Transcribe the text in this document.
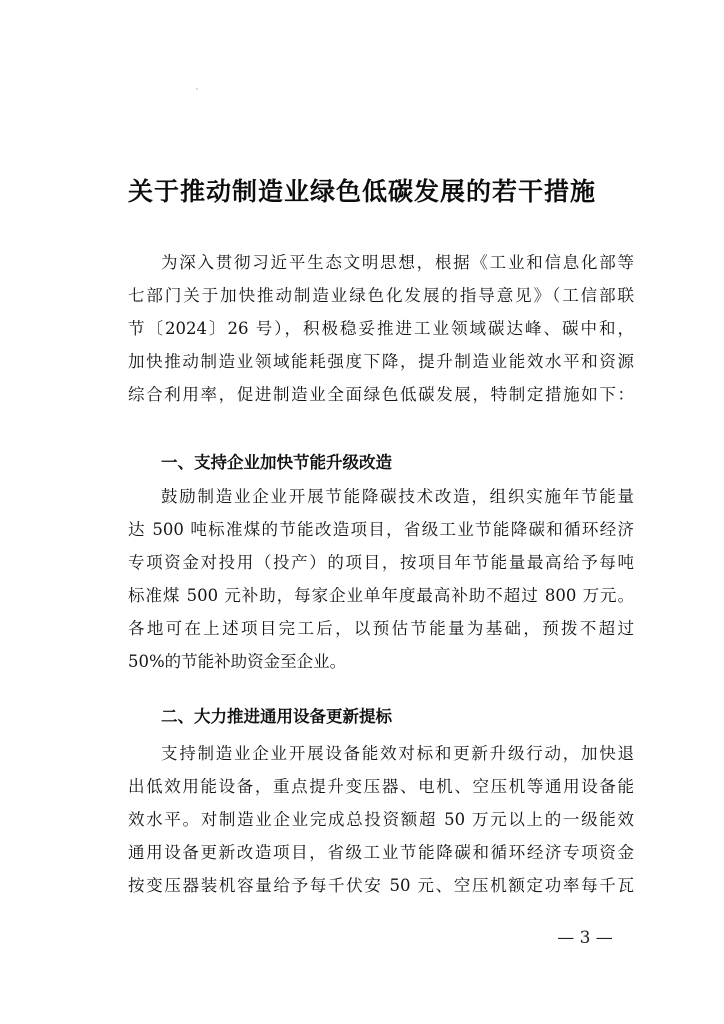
关于推动制造业绿色低碳发展的若干措施
为深入贯彻习近平生态文明思想，根据《工业和信息化部等
七部门关于加快推动制造业绿色化发展的指导意见》（工信部联
节〔2024〕26 号），积极稳妥推进工业领域碳达峰、碳中和，
加快推动制造业领域能耗强度下降，提升制造业能效水平和资源
综合利用率，促进制造业全面绿色低碳发展，特制定措施如下：
一、支持企业加快节能升级改造
鼓励制造业企业开展节能降碳技术改造，组织实施年节能量
达 500 吨标准煤的节能改造项目，省级工业节能降碳和循环经济
专项资金对投用（投产）的项目，按项目年节能量最高给予每吨
标准煤 500 元补助，每家企业单年度最高补助不超过 800 万元。
各地可在上述项目完工后，以预估节能量为基础，预拨不超过
50%的节能补助资金至企业。
二、大力推进通用设备更新提标
支持制造业企业开展设备能效对标和更新升级行动，加快退
出低效用能设备，重点提升变压器、电机、空压机等通用设备能
效水平。对制造业企业完成总投资额超 50 万元以上的一级能效
通用设备更新改造项目，省级工业节能降碳和循环经济专项资金
按变压器装机容量给予每千伏安 50 元、空压机额定功率每千瓦
— 3 —
